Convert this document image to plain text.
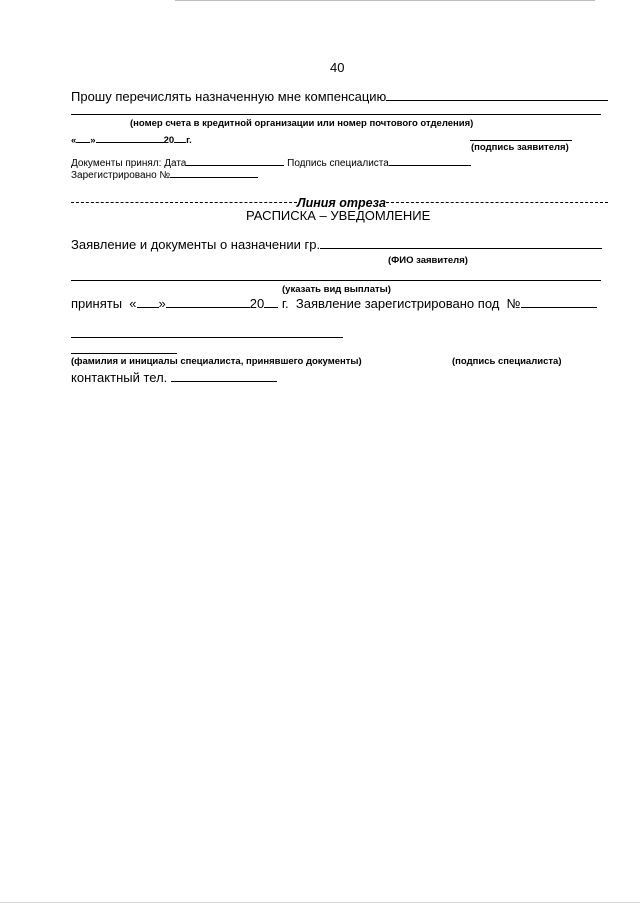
40
Прошу перечислять назначенную мне компенсацию
(номер счета в кредитной организации или номер почтового отделения)
« »	20 г.
(подпись заявителя)
Документы принял: Дата	Подпись специалиста
Зарегистрировано №
Линия отреза
РАСПИСКА – УВЕДОМЛЕНИЕ
Заявление и документы о назначении гр.
(ФИО заявителя)
(указать вид выплаты)
приняты « »	20 г. Заявление зарегистрировано под №
(фамилия и инициалы специалиста, принявшего документы)	(подпись специалиста)
контактный тел.
